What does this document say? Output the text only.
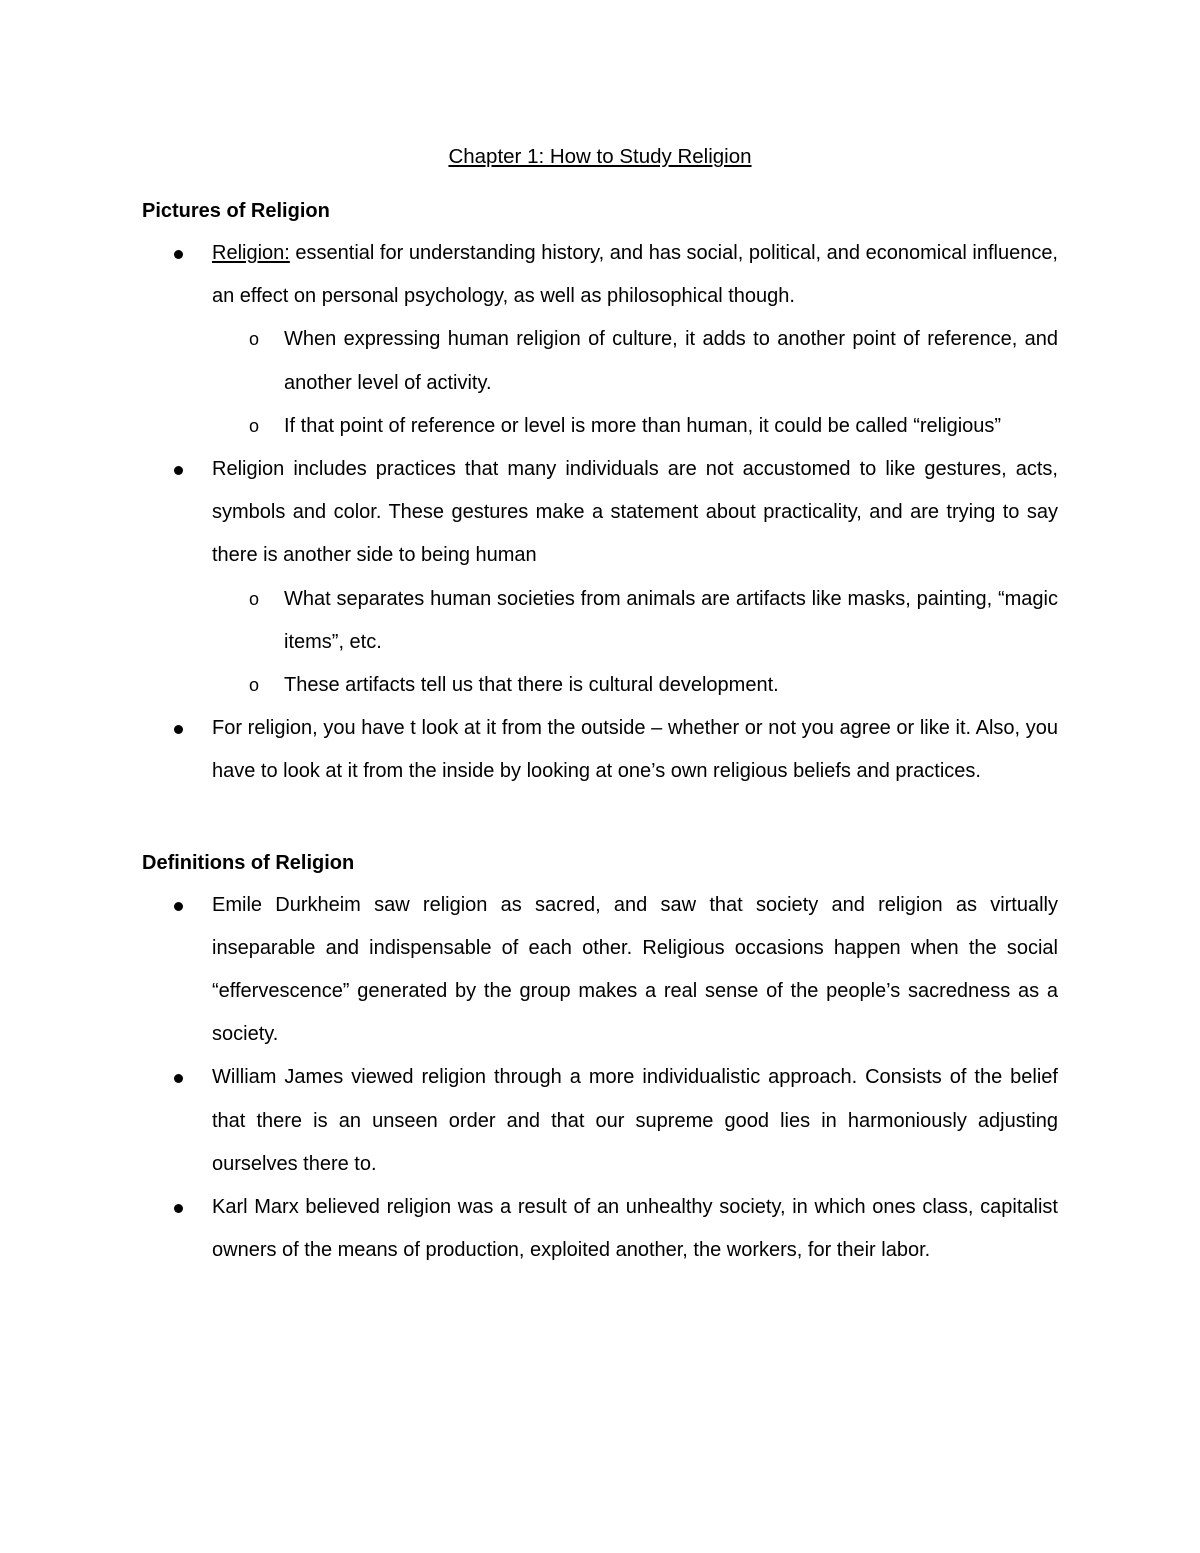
Chapter 1: How to Study Religion
Pictures of Religion
Religion: essential for understanding history, and has social, political, and economical influence, an effect on personal psychology, as well as philosophical though.
o When expressing human religion of culture, it adds to another point of reference, and another level of activity.
o If that point of reference or level is more than human, it could be called “religious”
Religion includes practices that many individuals are not accustomed to like gestures, acts, symbols and color. These gestures make a statement about practicality, and are trying to say there is another side to being human
o What separates human societies from animals are artifacts like masks, painting, “magic items”, etc.
o These artifacts tell us that there is cultural development.
For religion, you have t look at it from the outside – whether or not you agree or like it. Also, you have to look at it from the inside by looking at one’s own religious beliefs and practices.
Definitions of Religion
Emile Durkheim saw religion as sacred, and saw that society and religion as virtually inseparable and indispensable of each other. Religious occasions happen when the social “effervescence” generated by the group makes a real sense of the people’s sacredness as a society.
William James viewed religion through a more individualistic approach. Consists of the belief that there is an unseen order and that our supreme good lies in harmoniously adjusting ourselves there to.
Karl Marx believed religion was a result of an unhealthy society, in which ones class, capitalist owners of the means of production, exploited another, the workers, for their labor.
